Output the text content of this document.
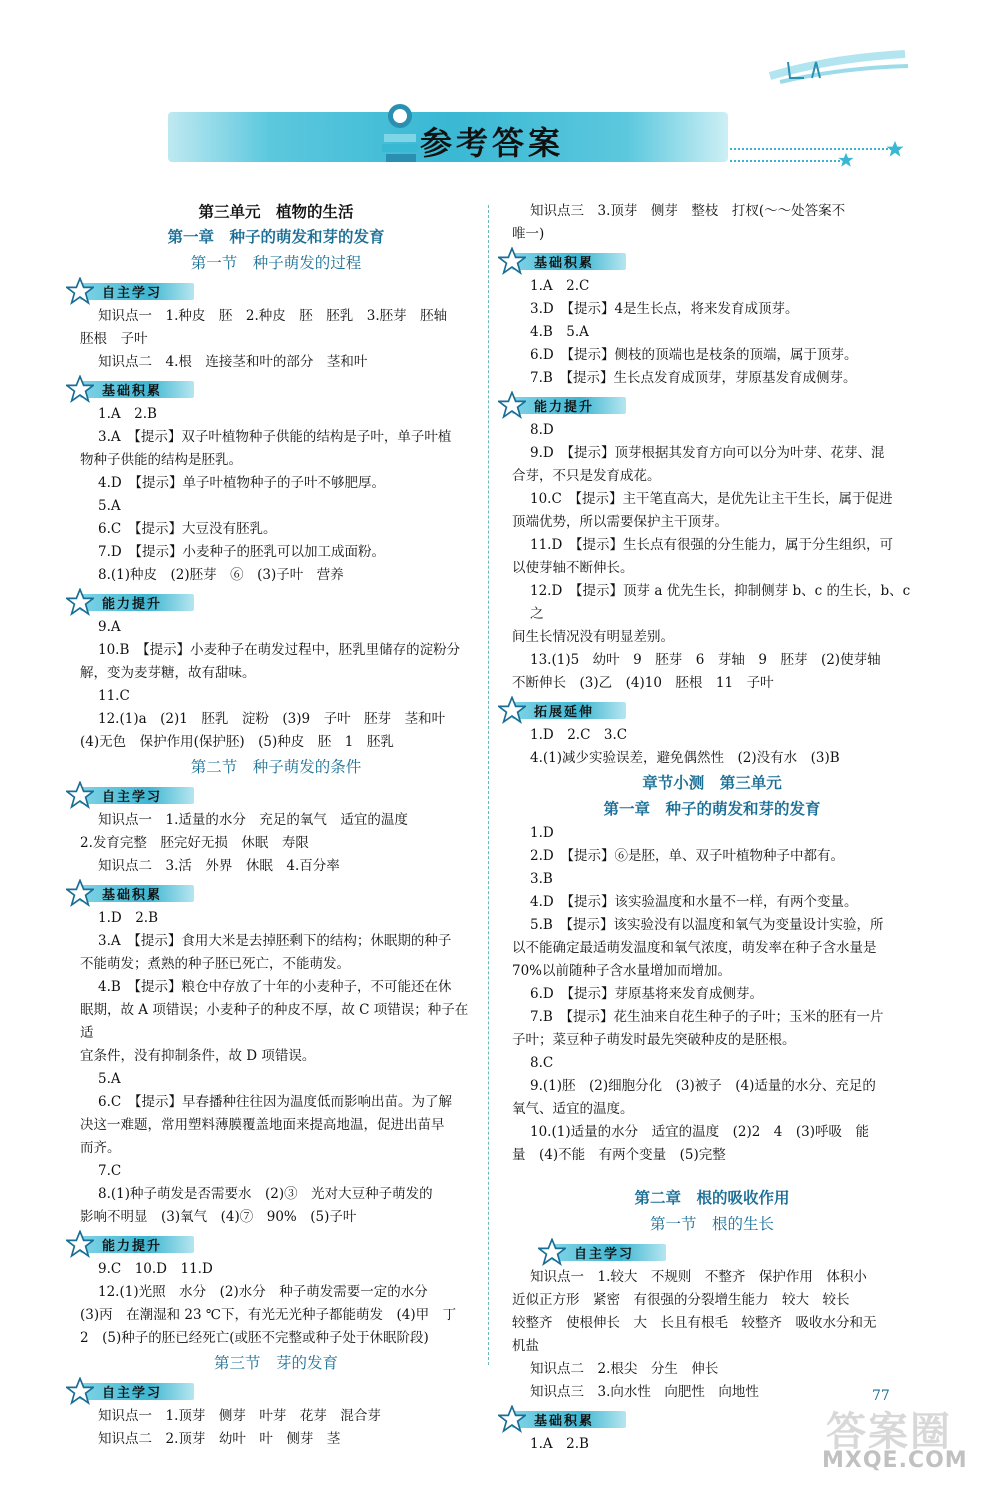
参考答案
第三单元　植物的生活
第一章　种子的萌发和芽的发育
第一节　种子萌发的过程
自主学习

知识点一　1.种皮　胚　2.种皮　胚　胚乳　3.胚芽　胚轴

胚根　子叶

知识点二　4.根　连接茎和叶的部分　茎和叶

基础积累

1.A　2.B

3.A　【提示】双子叶植物种子供能的结构是子叶，单子叶植

物种子供能的结构是胚乳。

4.D　【提示】单子叶植物种子的子叶不够肥厚。

5.A

6.C　【提示】大豆没有胚乳。

7.D　【提示】小麦种子的胚乳可以加工成面粉。

8.(1)种皮　(2)胚芽　⑥　(3)子叶　营养

能力提升

9.A

10.B　【提示】小麦种子在萌发过程中，胚乳里储存的淀粉分

解，变为麦芽糖，故有甜味。

11.C

12.(1)a　(2)1　胚乳　淀粉　(3)9　子叶　胚芽　茎和叶

(4)无色　保护作用(保护胚)　(5)种皮　胚　1　胚乳

第二节　种子萌发的条件
自主学习

知识点一　1.适量的水分　充足的氧气　适宜的温度

2.发育完整　胚完好无损　休眠　寿限

知识点二　3.活　外界　休眠　4.百分率

基础积累

1.D　2.B

3.A　【提示】食用大米是去掉胚剩下的结构；休眠期的种子

不能萌发；煮熟的种子胚已死亡，不能萌发。

4.B　【提示】粮仓中存放了十年的小麦种子，不可能还在休

眠期，故 A 项错误；小麦种子的种皮不厚，故 C 项错误；种子在适

宜条件，没有抑制条件，故 D 项错误。

5.A

6.C　【提示】早春播种往往因为温度低而影响出苗。为了解

决这一难题，常用塑料薄膜覆盖地面来提高地温，促进出苗早

而齐。

7.C

8.(1)种子萌发是否需要水　(2)③　光对大豆种子萌发的

影响不明显　(3)氧气　(4)⑦　90%　(5)子叶

能力提升

9.C　10.D　11.D

12.(1)光照　水分　(2)水分　种子萌发需要一定的水分

(3)丙　在潮湿和 23 ℃下，有光无光种子都能萌发　(4)甲　丁

2　(5)种子的胚已经死亡(或胚不完整或种子处于休眠阶段)

第三节　芽的发育
自主学习

知识点一　1.顶芽　侧芽　叶芽　花芽　混合芽

知识点二　2.顶芽　幼叶　叶　侧芽　茎

知识点三　3.顶芽　侧芽　整枝　打杈(～～处答案不

唯一)

基础积累

1.A　2.C

3.D　【提示】4是生长点，将来发育成顶芽。

4.B　5.A

6.D　【提示】侧枝的顶端也是枝条的顶端，属于顶芽。

7.B　【提示】生长点发育成顶芽，芽原基发育成侧芽。

能力提升

8.D

9.D　【提示】顶芽根据其发育方向可以分为叶芽、花芽、混

合芽，不只是发育成花。

10.C　【提示】主干笔直高大，是优先让主干生长，属于促进

顶端优势，所以需要保护主干顶芽。

11.D　【提示】生长点有很强的分生能力，属于分生组织，可

以使芽轴不断伸长。

12.D　【提示】顶芽 a 优先生长，抑制侧芽 b、c 的生长，b、c 之

间生长情况没有明显差别。

13.(1)5　幼叶　9　胚芽　6　芽轴　9　胚芽　(2)使芽轴

不断伸长　(3)乙　(4)10　胚根　11　子叶

拓展延伸

1.D　2.C　3.C

4.(1)减少实验误差，避免偶然性　(2)没有水　(3)B

章节小测　第三单元
第一章　种子的萌发和芽的发育

1.D

2.D　【提示】⑥是胚，单、双子叶植物种子中都有。

3.B

4.D　【提示】该实验温度和水量不一样，有两个变量。

5.B　【提示】该实验没有以温度和氧气为变量设计实验，所

以不能确定最适萌发温度和氧气浓度，萌发率在种子含水量是

70%以前随种子含水量增加而增加。

6.D　【提示】芽原基将来发育成侧芽。

7.B　【提示】花生油来自花生种子的子叶；玉米的胚有一片

子叶；菜豆种子萌发时最先突破种皮的是胚根。

8.C

9.(1)胚　(2)细胞分化　(3)被子　(4)适量的水分、充足的

氧气、适宜的温度。

10.(1)适量的水分　适宜的温度　(2)2　4　(3)呼吸　能

量　(4)不能　有两个变量　(5)完整

第二章　根的吸收作用
第一节　根的生长
自主学习

知识点一　1.较大　不规则　不整齐　保护作用　体积小

近似正方形　紧密　有很强的分裂增生能力　较大　较长

较整齐　使根伸长　大　长且有根毛　较整齐　吸收水分和无

机盐

知识点二　2.根尖　分生　伸长

知识点三　3.向水性　向肥性　向地性

基础积累

1.A　2.B	答案圈
77
MXQE.COM
